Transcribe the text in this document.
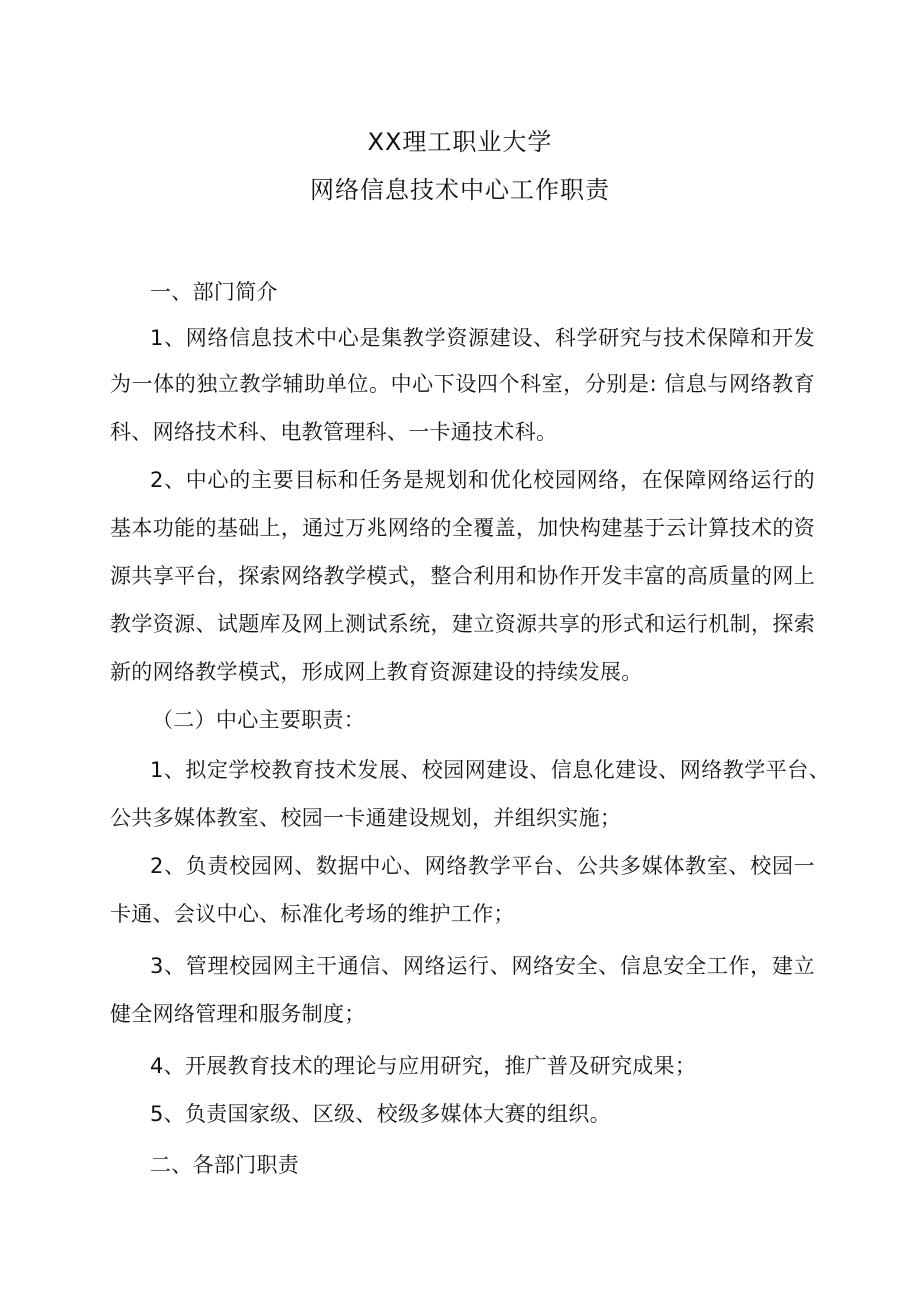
XX理工职业大学
网络信息技术中心工作职责
一、部门简介
1、网络信息技术中心是集教学资源建设、科学研究与技术保障和开发
为一体的独立教学辅助单位。中心下设四个科室，分别是: 信息与网络教育
科、网络技术科、电教管理科、一卡通技术科。
2、中心的主要目标和任务是规划和优化校园网络，在保障网络运行的
基本功能的基础上，通过万兆网络的全覆盖，加快构建基于云计算技术的资
源共享平台，探索网络教学模式，整合利用和协作开发丰富的高质量的网上
教学资源、试题库及网上测试系统，建立资源共享的形式和运行机制，探索
新的网络教学模式，形成网上教育资源建设的持续发展。
（二）中心主要职责：
1、拟定学校教育技术发展、校园网建设、信息化建设、网络教学平台、
公共多媒体教室、校园一卡通建设规划，并组织实施；
2、负责校园网、数据中心、网络教学平台、公共多媒体教室、校园一
卡通、会议中心、标准化考场的维护工作；
3、管理校园网主干通信、网络运行、网络安全、信息安全工作，建立
健全网络管理和服务制度；
4、开展教育技术的理论与应用研究，推广普及研究成果；
5、负责国家级、区级、校级多媒体大赛的组织。
二、各部门职责
